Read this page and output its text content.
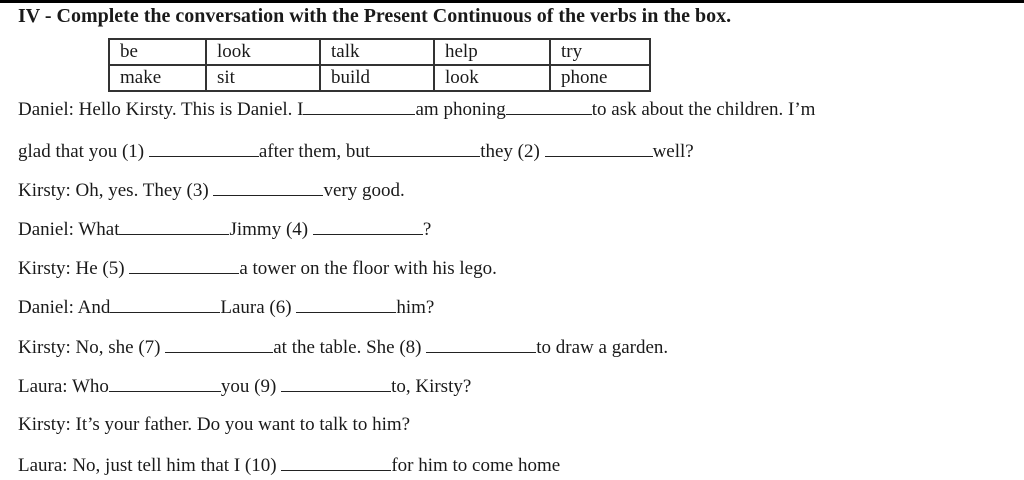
IV - Complete the conversation with the Present Continuous of the verbs in the box.
be	look	talk	help	try
make	sit	build	look	phone
Daniel: Hello Kirsty. This is Daniel. I	am phoning	to ask about the children. I’m
glad that you (1)	after them, but	they (2)	well?
Kirsty: Oh, yes. They (3)	very good.
Daniel: What	Jimmy (4)	?
Kirsty: He (5)	a tower on the floor with his lego.
Daniel: And	Laura (6)	him?
Kirsty: No, she (7)	at the table. She (8)	to draw a garden.
Laura: Who	you (9)	to, Kirsty?
Kirsty: It’s your father. Do you want to talk to him?
Laura: No, just tell him that I (10)	for him to come home
